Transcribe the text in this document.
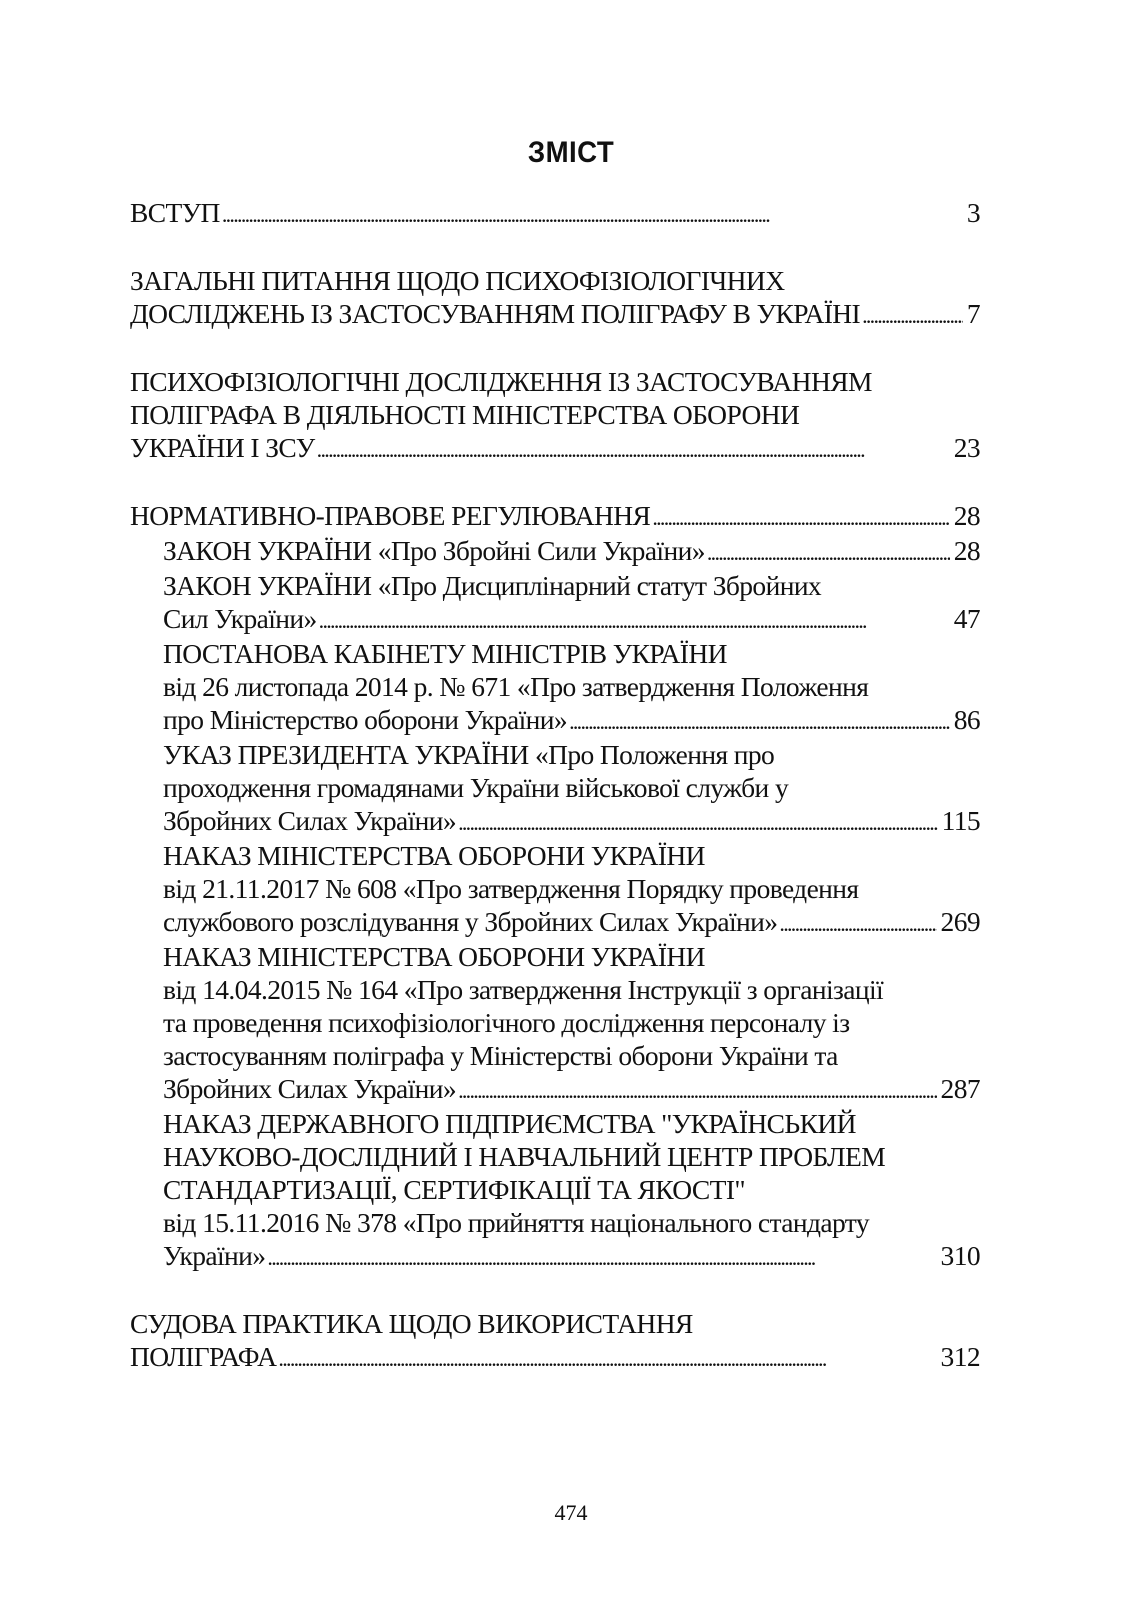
ЗМІСТ
ВСТУП . . .	3
ЗАГАЛЬНІ ПИТАННЯ ЩОДО ПСИХОФІЗІОЛОГІЧНИХ
ДОСЛІДЖЕНЬ ІЗ ЗАСТОСУВАННЯМ ПОЛІГРАФУ В УКРАЇНІ . . .	7
ПСИХОФІЗІОЛОГІЧНІ ДОСЛІДЖЕННЯ ІЗ ЗАСТОСУВАННЯМ
ПОЛІГРАФА В ДІЯЛЬНОСТІ МІНІСТЕРСТВА ОБОРОНИ
УКРАЇНИ І ЗСУ . . .	23
НОРМАТИВНО-ПРАВОВЕ РЕГУЛЮВАННЯ . . .	28
ЗАКОН УКРАЇНИ «Про Збройні Сили України» . . .	28
ЗАКОН УКРАЇНИ «Про Дисциплінарний статут Збройних
Сил України» . . .	47
ПОСТАНОВА КАБІНЕТУ МІНІСТРІВ УКРАЇНИ
від 26 листопада 2014 р. № 671 «Про затвердження Положення
про Міністерство оборони України» . . .	86
УКАЗ ПРЕЗИДЕНТА УКРАЇНИ «Про Положення про
проходження громадянами України військової служби у
Збройних Силах України» . . .	115
НАКАЗ МІНІСТЕРСТВА ОБОРОНИ УКРАЇНИ
від 21.11.2017 № 608 «Про затвердження Порядку проведення
службового розслідування у Збройних Силах України» . . .	269
НАКАЗ МІНІСТЕРСТВА ОБОРОНИ УКРАЇНИ
від 14.04.2015 № 164 «Про затвердження Інструкції з організації
та проведення психофізіологічного дослідження персоналу із
застосуванням поліграфа у Міністерстві оборони України та
Збройних Силах України» . . .	287
НАКАЗ ДЕРЖАВНОГО ПІДПРИЄМСТВА "УКРАЇНСЬКИЙ
НАУКОВО-ДОСЛІДНИЙ І НАВЧАЛЬНИЙ ЦЕНТР ПРОБЛЕМ
СТАНДАРТИЗАЦІЇ, СЕРТИФІКАЦІЇ ТА ЯКОСТІ"
від 15.11.2016 № 378 «Про прийняття національного стандарту
України» . . .	310
СУДОВА ПРАКТИКА ЩОДО ВИКОРИСТАННЯ
ПОЛІГРАФА . . .	312
474
